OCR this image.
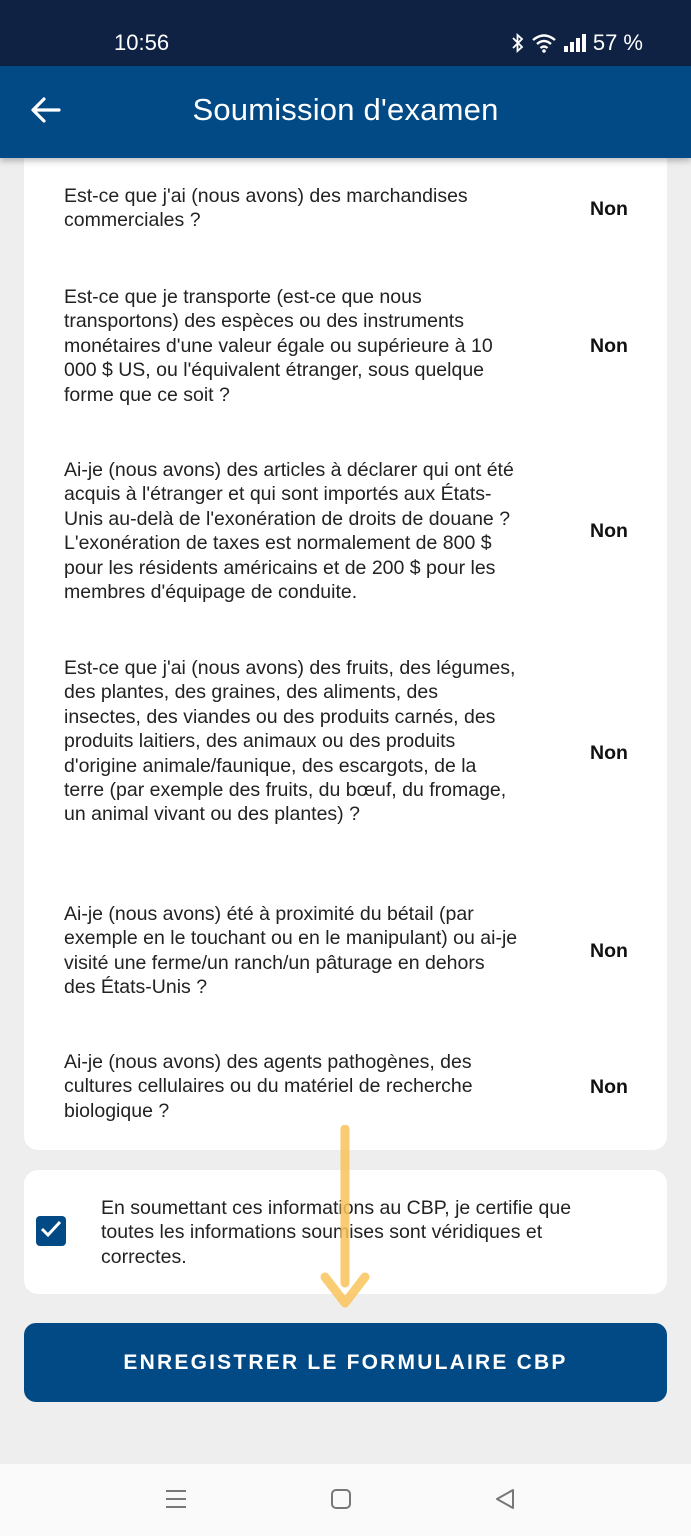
10:56	57 %
Soumission d'examen
Est-ce que j'ai (nous avons) des marchandises commerciales ?
Non
Est-ce que je transporte (est-ce que nous transportons) des espèces ou des instruments monétaires d'une valeur égale ou supérieure à 10 000 $ US, ou l'équivalent étranger, sous quelque forme que ce soit ?
Non
Ai-je (nous avons) des articles à déclarer qui ont été acquis à l'étranger et qui sont importés aux États-Unis au-delà de l'exonération de droits de douane ? L'exonération de taxes est normalement de 800 $ pour les résidents américains et de 200 $ pour les membres d'équipage de conduite.
Non
Est-ce que j'ai (nous avons) des fruits, des légumes, des plantes, des graines, des aliments, des insectes, des viandes ou des produits carnés, des produits laitiers, des animaux ou des produits d'origine animale/faunique, des escargots, de la terre (par exemple des fruits, du bœuf, du fromage, un animal vivant ou des plantes) ?
Non
Ai-je (nous avons) été à proximité du bétail (par exemple en le touchant ou en le manipulant) ou ai-je visité une ferme/un ranch/un pâturage en dehors des États-Unis ?
Non
Ai-je (nous avons) des agents pathogènes, des cultures cellulaires ou du matériel de recherche biologique ?
Non
En soumettant ces informations au CBP, je certifie que toutes les informations soumises sont véridiques et correctes.
ENREGISTRER LE FORMULAIRE CBP
